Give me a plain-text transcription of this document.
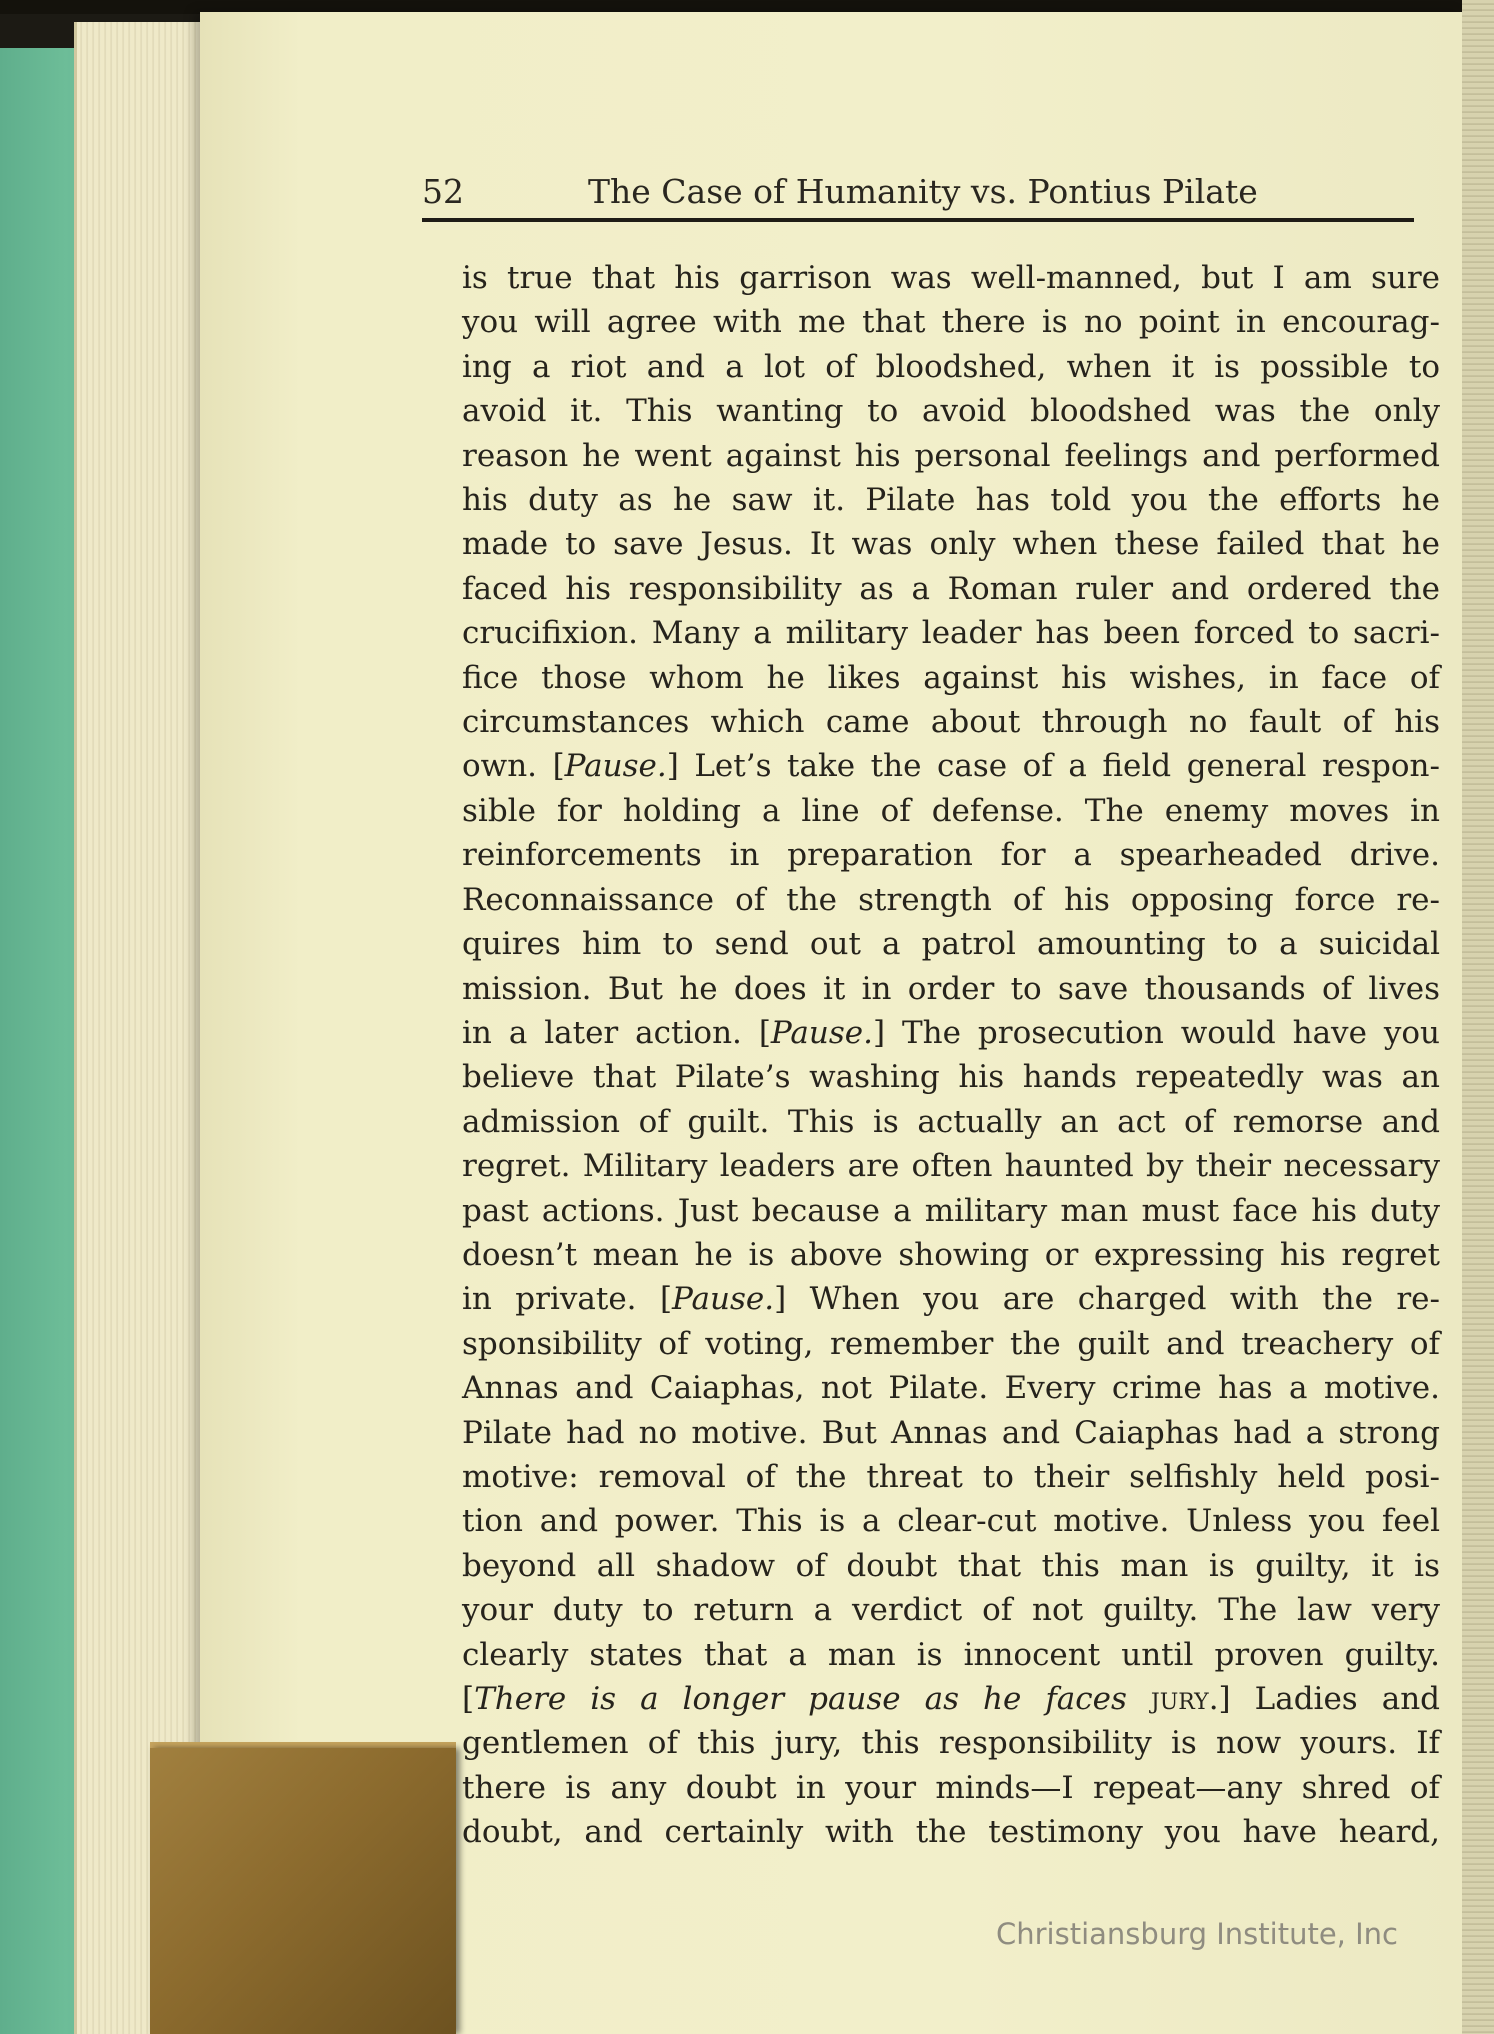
52	The Case of Humanity vs. Pontius Pilate
is true that his garrison was well-manned, but I am sure
you will agree with me that there is no point in encourag-
ing a riot and a lot of bloodshed, when it is possible to
avoid it. This wanting to avoid bloodshed was the only
reason he went against his personal feelings and performed
his duty as he saw it. Pilate has told you the efforts he
made to save Jesus. It was only when these failed that he
faced his responsibility as a Roman ruler and ordered the
crucifixion. Many a military leader has been forced to sacri-
fice those whom he likes against his wishes, in face of
circumstances which came about through no fault of his
own. [Pause.] Let’s take the case of a field general respon-
sible for holding a line of defense. The enemy moves in
reinforcements in preparation for a spearheaded drive.
Reconnaissance of the strength of his opposing force re-
quires him to send out a patrol amounting to a suicidal
mission. But he does it in order to save thousands of lives
in a later action. [Pause.] The prosecution would have you
believe that Pilate’s washing his hands repeatedly was an
admission of guilt. This is actually an act of remorse and
regret. Military leaders are often haunted by their necessary
past actions. Just because a military man must face his duty
doesn’t mean he is above showing or expressing his regret
in private. [Pause.] When you are charged with the re-
sponsibility of voting, remember the guilt and treachery of
Annas and Caiaphas, not Pilate. Every crime has a motive.
Pilate had no motive. But Annas and Caiaphas had a strong
motive: removal of the threat to their selfishly held posi-
tion and power. This is a clear-cut motive. Unless you feel
beyond all shadow of doubt that this man is guilty, it is
your duty to return a verdict of not guilty. The law very
clearly states that a man is innocent until proven guilty.
[There is a longer pause as he faces jury.] Ladies and
gentlemen of this jury, this responsibility is now yours. If
there is any doubt in your minds—I repeat—any shred of
doubt, and certainly with the testimony you have heard,
Christiansburg Institute, Inc
